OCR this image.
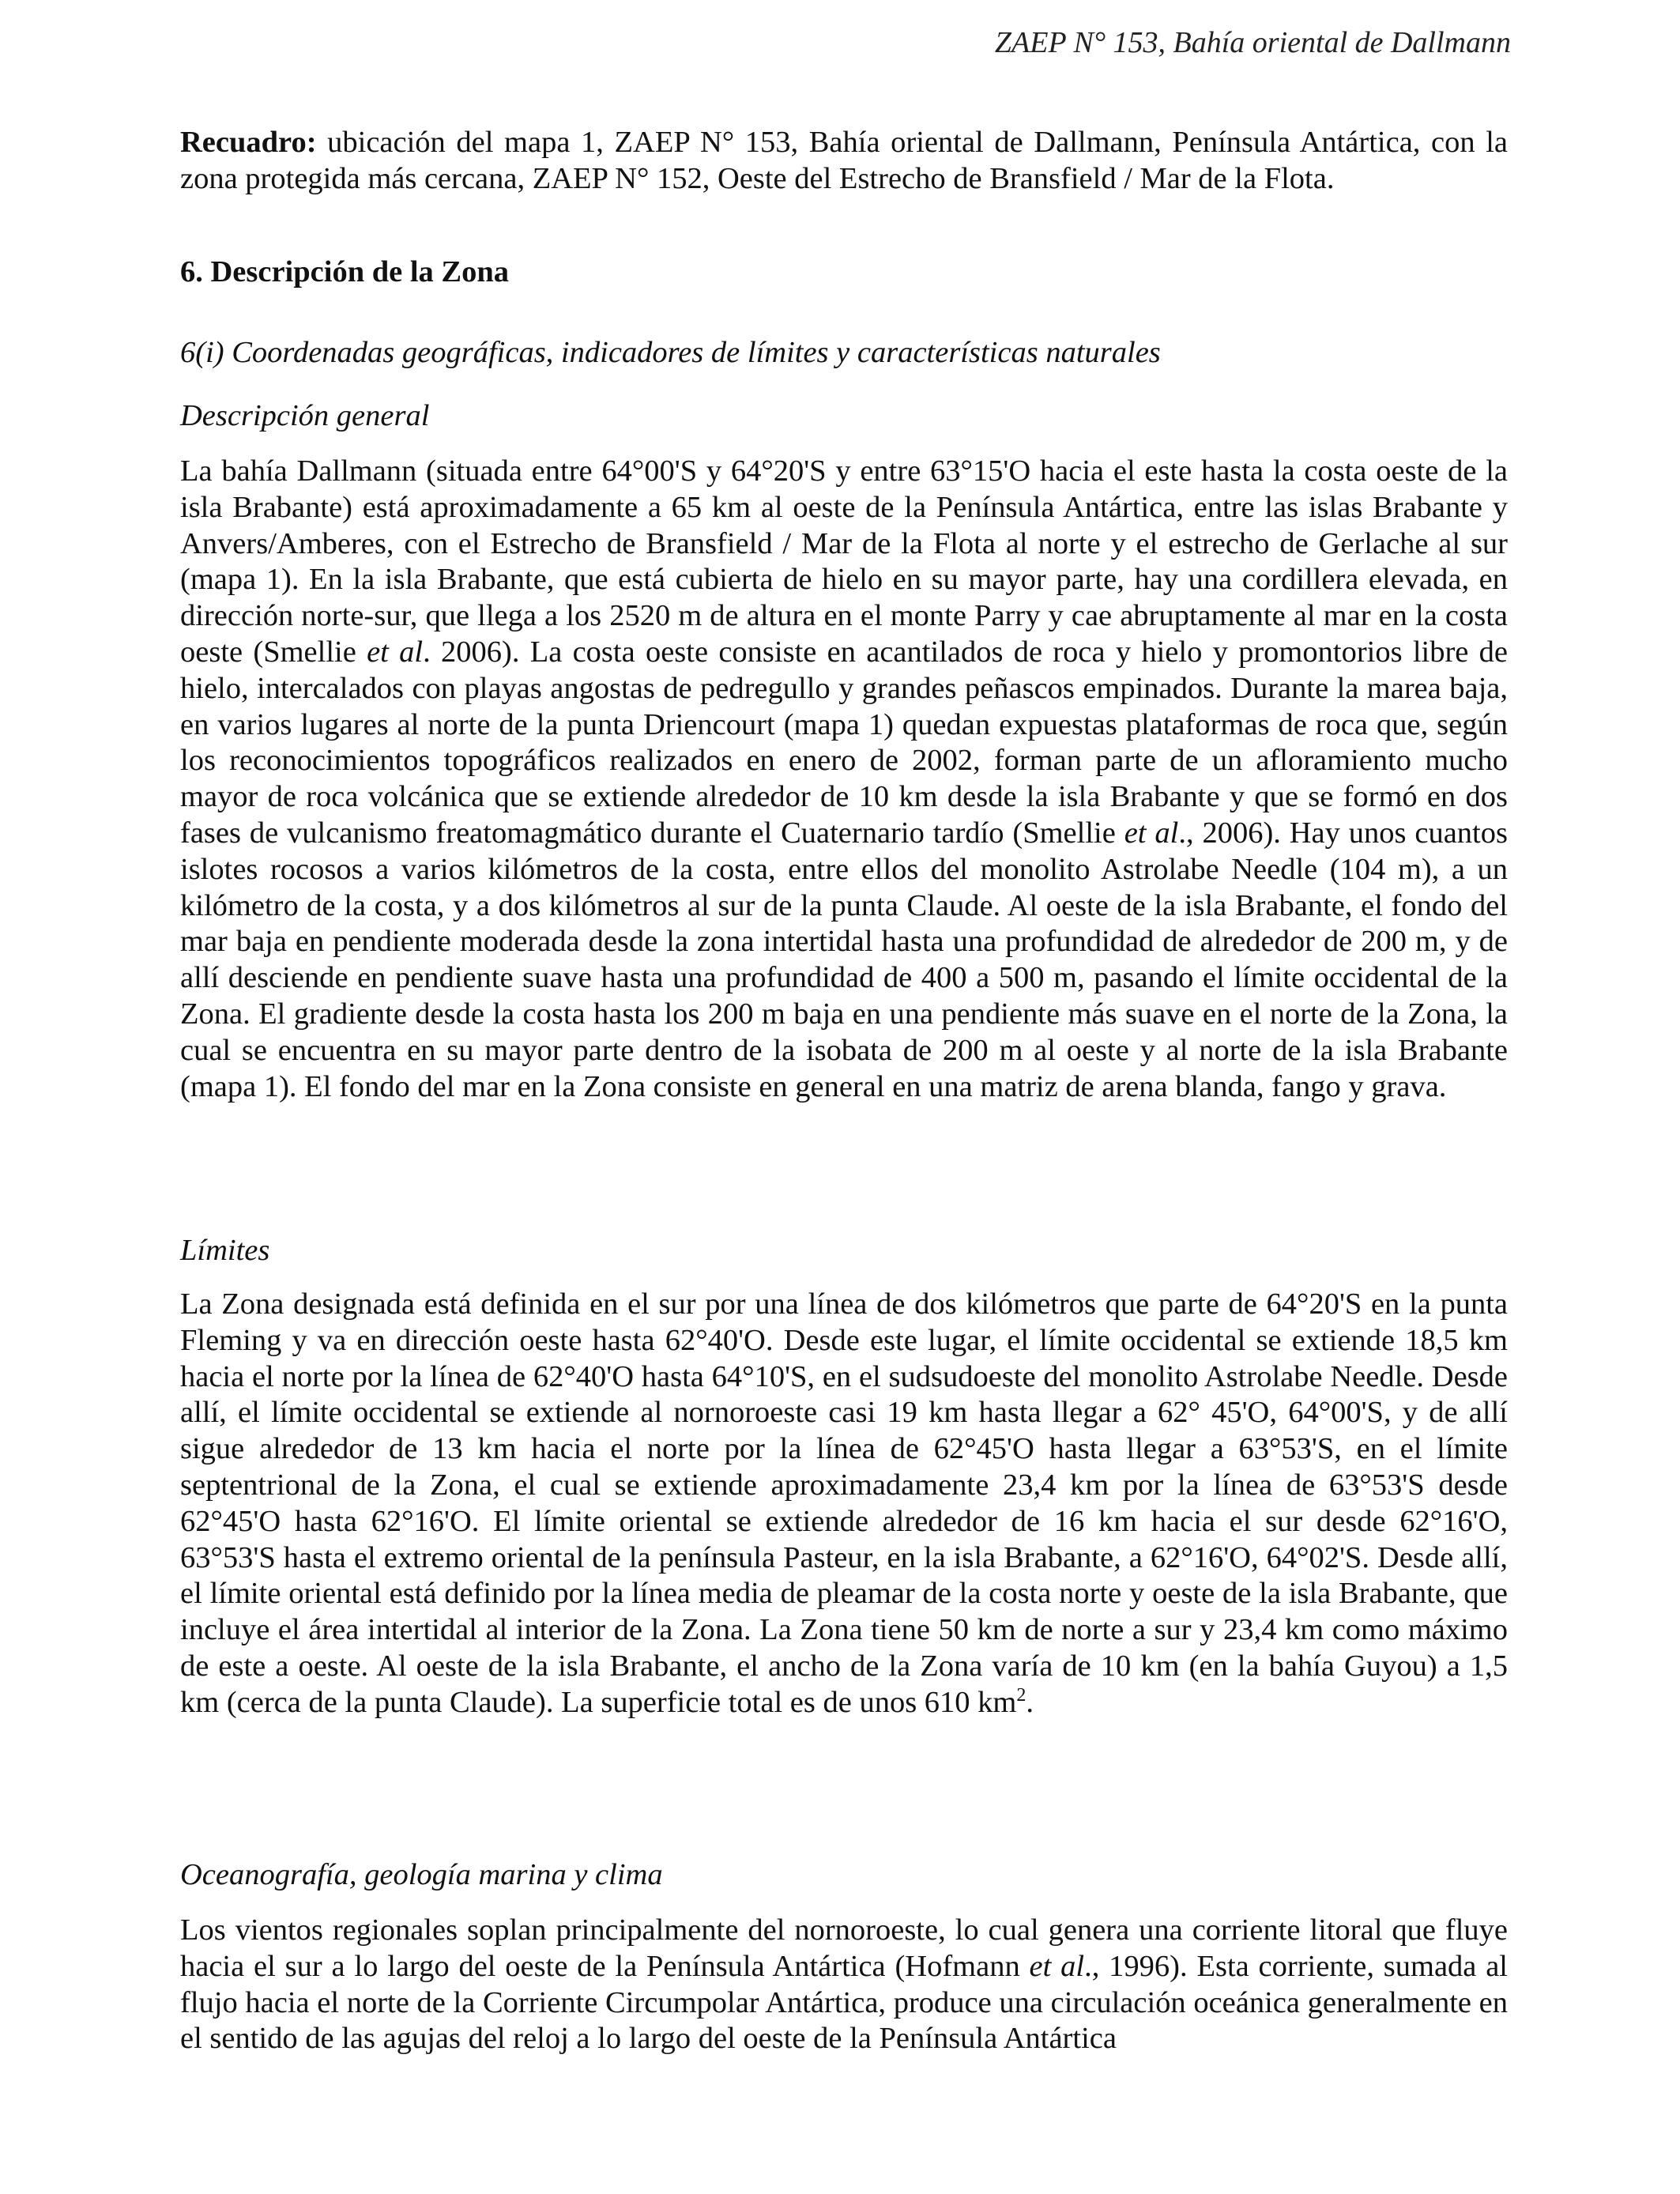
ZAEP N° 153, Bahía oriental de Dallmann

Recuadro: ubicación del mapa 1, ZAEP N° 153, Bahía oriental de Dallmann, Península Antártica, con la zona protegida más cercana, ZAEP N° 152, Oeste del Estrecho de Bransfield / Mar de la Flota.

6. Descripción de la Zona
6(i) Coordenadas geográficas, indicadores de límites y características naturales
Descripción general

La bahía Dallmann (situada entre 64°00'S y 64°20'S y entre 63°15'O hacia el este hasta la costa oeste de la isla Brabante) está aproximadamente a 65 km al oeste de la Península Antártica, entre las islas Brabante y Anvers/Amberes, con el Estrecho de Bransfield / Mar de la Flota al norte y el estrecho de Gerlache al sur (mapa 1). En la isla Brabante, que está cubierta de hielo en su mayor parte, hay una cordillera elevada, en dirección norte-sur, que llega a los 2520 m de altura en el monte Parry y cae abruptamente al mar en la costa oeste (Smellie et al. 2006). La costa oeste consiste en acantilados de roca y hielo y promontorios libre de hielo, intercalados con playas angostas de pedregullo y grandes peñascos empinados. Durante la marea baja, en varios lugares al norte de la punta Driencourt (mapa 1) quedan expuestas plataformas de roca que, según los reconocimientos topográficos realizados en enero de 2002, forman parte de un afloramiento mucho mayor de roca volcánica que se extiende alrededor de 10 km desde la isla Brabante y que se formó en dos fases de vulcanismo freatomagmático durante el Cuaternario tardío (Smellie et al., 2006). Hay unos cuantos islotes rocosos a varios kilómetros de la costa, entre ellos del monolito Astrolabe Needle (104 m), a un kilómetro de la costa, y a dos kilómetros al sur de la punta Claude. Al oeste de la isla Brabante, el fondo del mar baja en pendiente moderada desde la zona intertidal hasta una profundidad de alrededor de 200 m, y de allí desciende en pendiente suave hasta una profundidad de 400 a 500 m, pasando el límite occidental de la Zona. El gradiente desde la costa hasta los 200 m baja en una pendiente más suave en el norte de la Zona, la cual se encuentra en su mayor parte dentro de la isobata de 200 m al oeste y al norte de la isla Brabante (mapa 1). El fondo del mar en la Zona consiste en general en una matriz de arena blanda, fango y grava.

Límites

La Zona designada está definida en el sur por una línea de dos kilómetros que parte de 64°20'S en la punta Fleming y va en dirección oeste hasta 62°40'O. Desde este lugar, el límite occidental se extiende 18,5 km hacia el norte por la línea de 62°40'O hasta 64°10'S, en el sudsudoeste del monolito Astrolabe Needle. Desde allí, el límite occidental se extiende al nornoroeste casi 19 km hasta llegar a 62° 45'O, 64°00'S, y de allí sigue alrededor de 13 km hacia el norte por la línea de 62°45'O hasta llegar a 63°53'S, en el límite septentrional de la Zona, el cual se extiende aproximadamente 23,4 km por la línea de 63°53'S desde 62°45'O hasta 62°16'O. El límite oriental se extiende alrededor de 16 km hacia el sur desde 62°16'O, 63°53'S hasta el extremo oriental de la península Pasteur, en la isla Brabante, a 62°16'O, 64°02'S. Desde allí, el límite oriental está definido por la línea media de pleamar de la costa norte y oeste de la isla Brabante, que incluye el área intertidal al interior de la Zona. La Zona tiene 50 km de norte a sur y 23,4 km como máximo de este a oeste. Al oeste de la isla Brabante, el ancho de la Zona varía de 10 km (en la bahía Guyou) a 1,5 km (cerca de la punta Claude). La superficie total es de unos 610 $km^2$.

Oceanografía, geología marina y clima

Los vientos regionales soplan principalmente del nornoroeste, lo cual genera una corriente litoral que fluye hacia el sur a lo largo del oeste de la Península Antártica (Hofmann et al., 1996). Esta corriente, sumada al flujo hacia el norte de la Corriente Circumpolar Antártica, produce una circulación oceánica generalmente en el sentido de las agujas del reloj a lo largo del oeste de la Península Antártica
